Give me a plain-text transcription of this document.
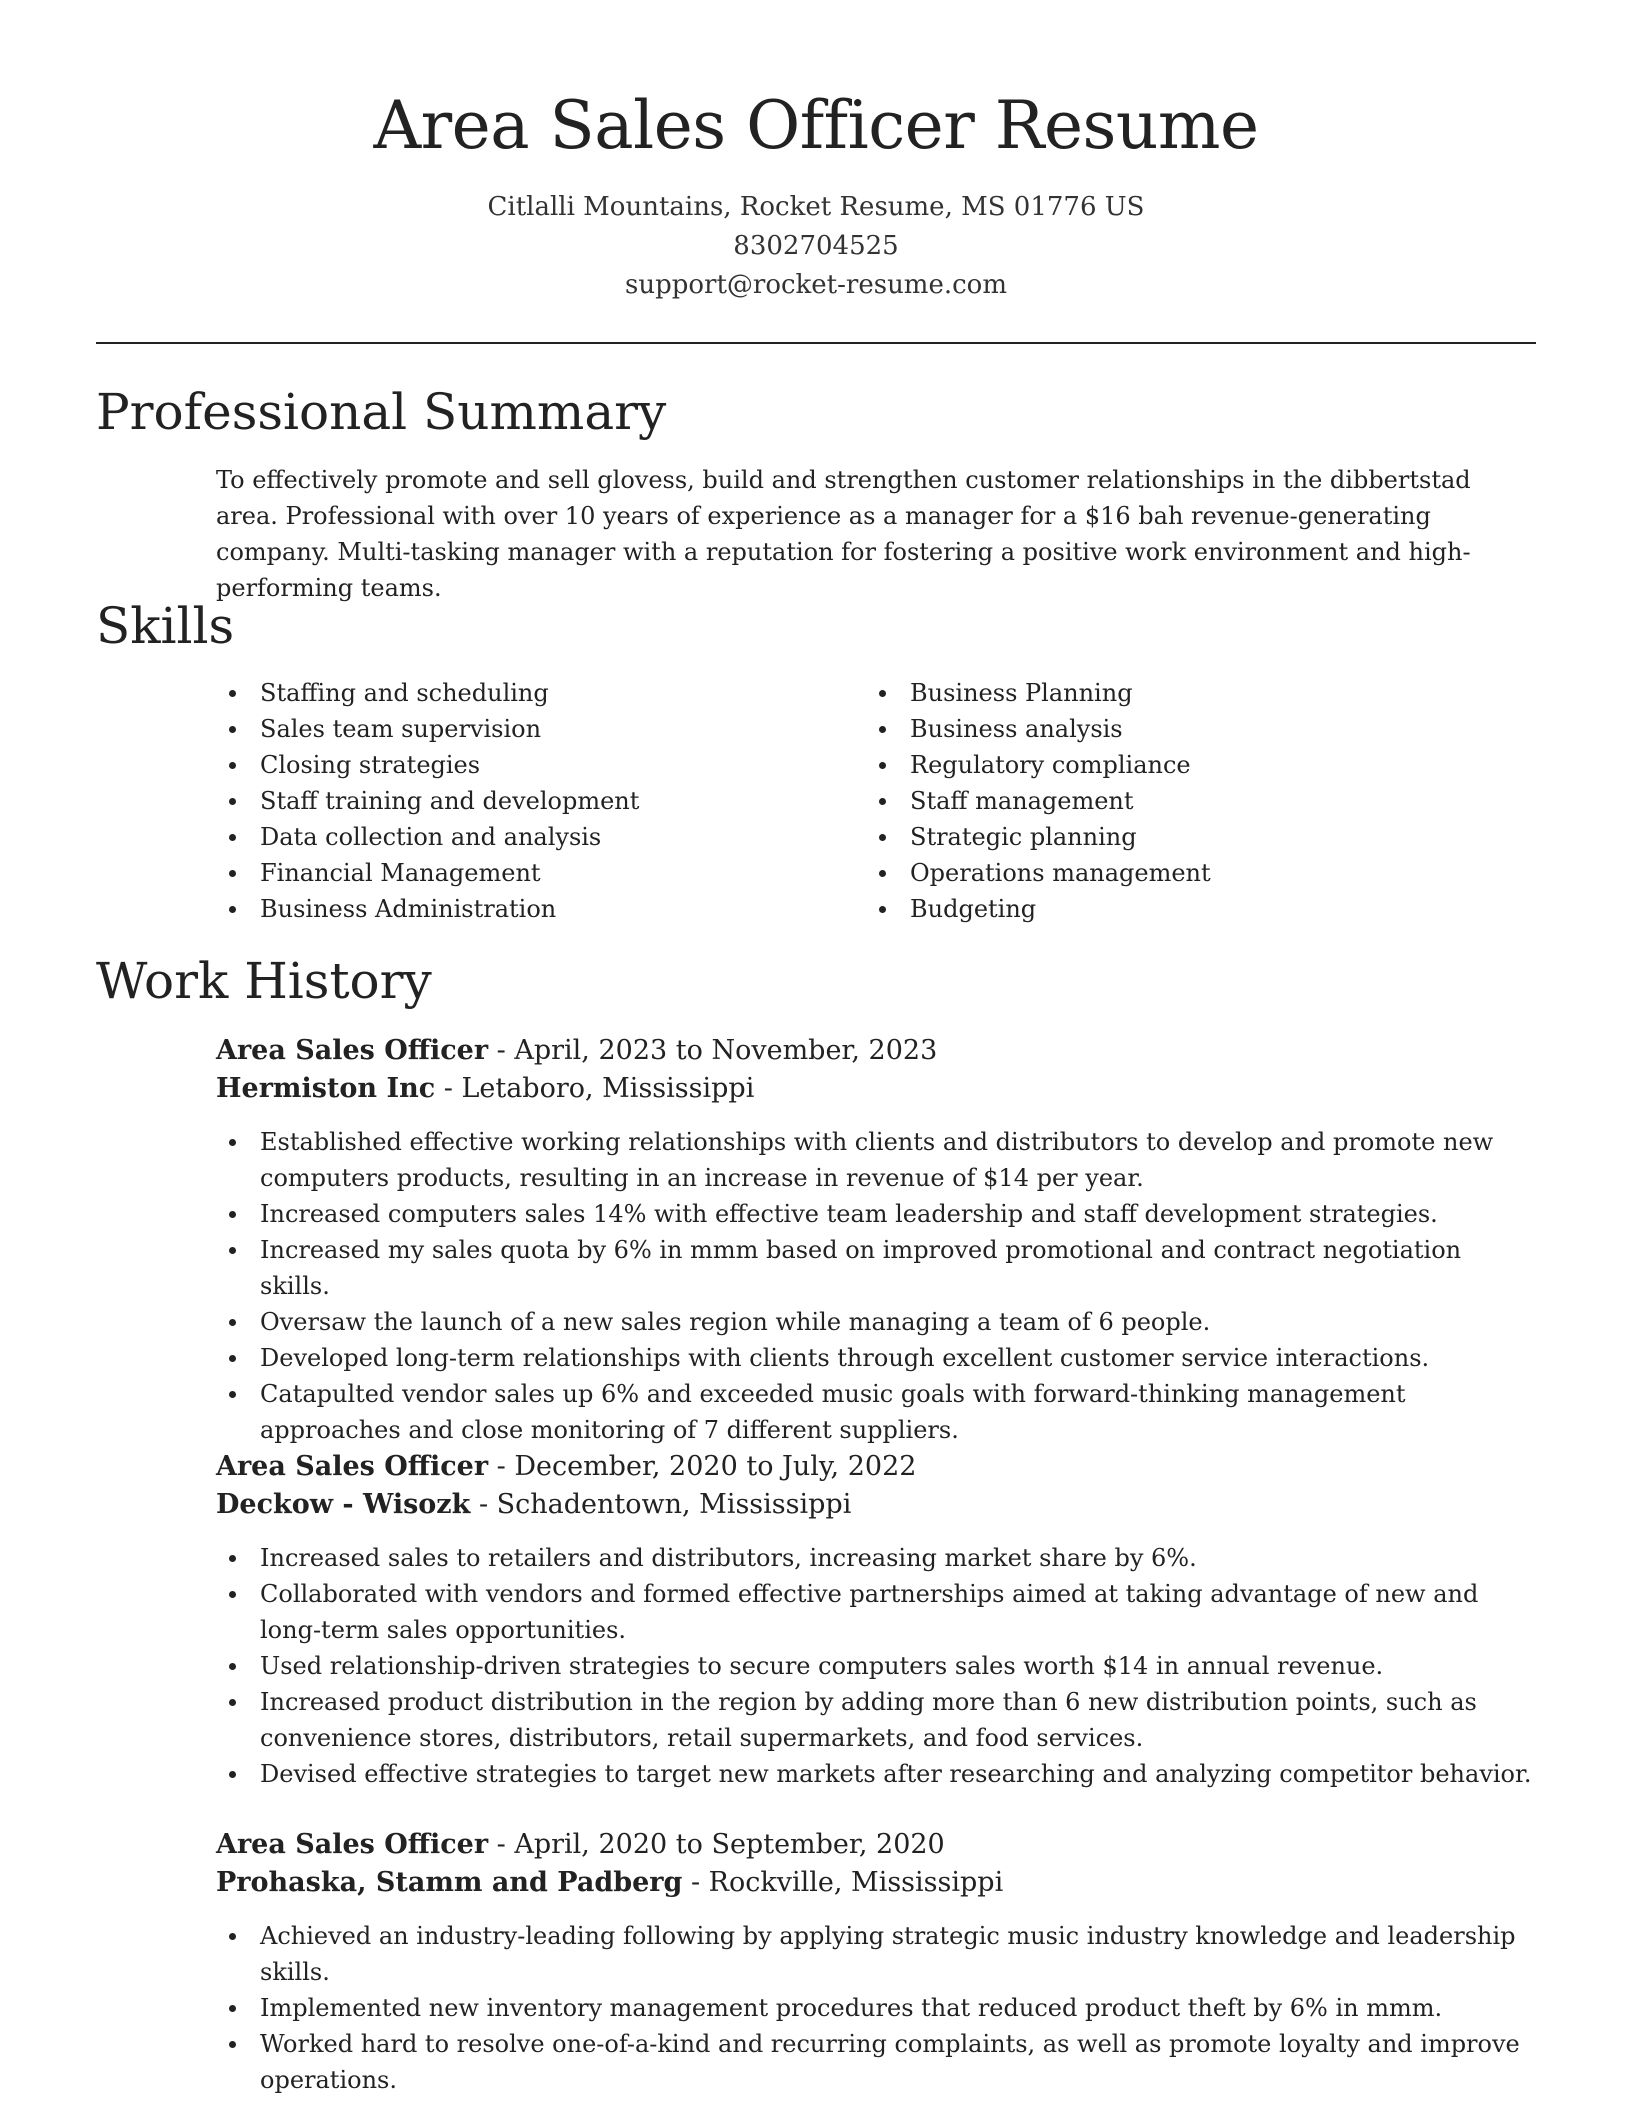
Area Sales Officer Resume
Citlalli Mountains, Rocket Resume, MS 01776 US
8302704525
support@rocket-resume.com
Professional Summary

To effectively promote and sell glovess, build and strengthen customer relationships in the dibbertstad area. Professional with over 10 years of experience as a manager for a $16 bah revenue-generating company. Multi-tasking manager with a reputation for fostering a positive work environment and high-performing teams.

Skills
Staffing and scheduling
Sales team supervision
Closing strategies
Staff training and development
Data collection and analysis
Financial Management
Business Administration
Business Planning
Business analysis
Regulatory compliance
Staff management
Strategic planning
Operations management
Budgeting
Work History
Area Sales Officer - April, 2023 to November, 2023
Hermiston Inc - Letaboro, Mississippi
Established effective working relationships with clients and distributors to develop and promote new computers products, resulting in an increase in revenue of $14 per year.
Increased computers sales 14% with effective team leadership and staff development strategies.
Increased my sales quota by 6% in mmm based on improved promotional and contract negotiation skills.
Oversaw the launch of a new sales region while managing a team of 6 people.
Developed long-term relationships with clients through excellent customer service interactions.
Catapulted vendor sales up 6% and exceeded music goals with forward-thinking management approaches and close monitoring of 7 different suppliers.
Area Sales Officer - December, 2020 to July, 2022
Deckow - Wisozk - Schadentown, Mississippi
Increased sales to retailers and distributors, increasing market share by 6%.
Collaborated with vendors and formed effective partnerships aimed at taking advantage of new and long-term sales opportunities.
Used relationship-driven strategies to secure computers sales worth $14 in annual revenue.
Increased product distribution in the region by adding more than 6 new distribution points, such as convenience stores, distributors, retail supermarkets, and food services.
Devised effective strategies to target new markets after researching and analyzing competitor behavior.
Area Sales Officer - April, 2020 to September, 2020
Prohaska, Stamm and Padberg - Rockville, Mississippi
Achieved an industry-leading following by applying strategic music industry knowledge and leadership skills.
Implemented new inventory management procedures that reduced product theft by 6% in mmm.
Worked hard to resolve one-of-a-kind and recurring complaints, as well as promote loyalty and improve operations.
